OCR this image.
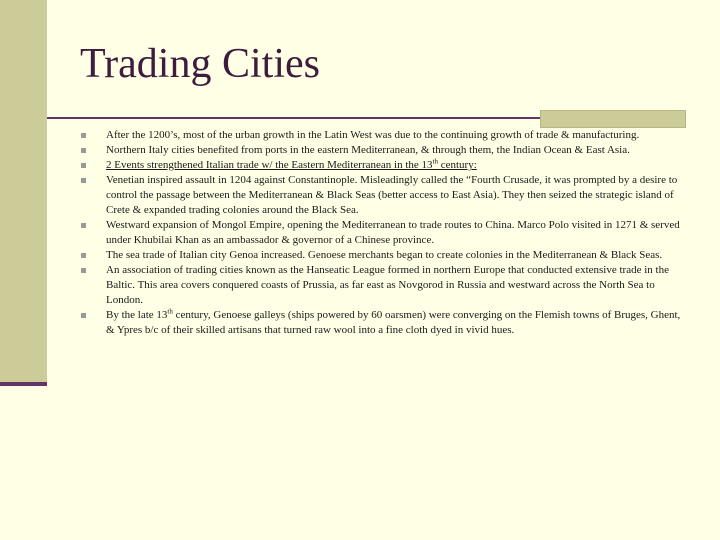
Trading Cities
After the 1200’s, most of the urban growth in the Latin West was due to the continuing growth of trade & manufacturing.
Northern Italy cities benefited from ports in the eastern Mediterranean, & through them, the Indian Ocean & East Asia.
2 Events strengthened Italian trade w/ the Eastern Mediterranean in the 13th century:
Venetian inspired assault in 1204 against Constantinople. Misleadingly called the “Fourth Crusade, it was prompted by a desire to control the passage between the Mediterranean & Black Seas (better access to East Asia). They then seized the strategic island of Crete & expanded trading colonies around the Black Sea.
Westward expansion of Mongol Empire, opening the Mediterranean to trade routes to China. Marco Polo visited in 1271 & served under Khubilai Khan as an ambassador & governor of a Chinese province.
The sea trade of Italian city Genoa increased. Genoese merchants began to create colonies in the Mediterranean & Black Seas.
An association of trading cities known as the Hanseatic League formed in northern Europe that conducted extensive trade in the Baltic. This area covers conquered coasts of Prussia, as far east as Novgorod in Russia and westward across the North Sea to London.
By the late 13th century, Genoese galleys (ships powered by 60 oarsmen) were converging on the Flemish towns of Bruges, Ghent, & Ypres b/c of their skilled artisans that turned raw wool into a fine cloth dyed in vivid hues.
